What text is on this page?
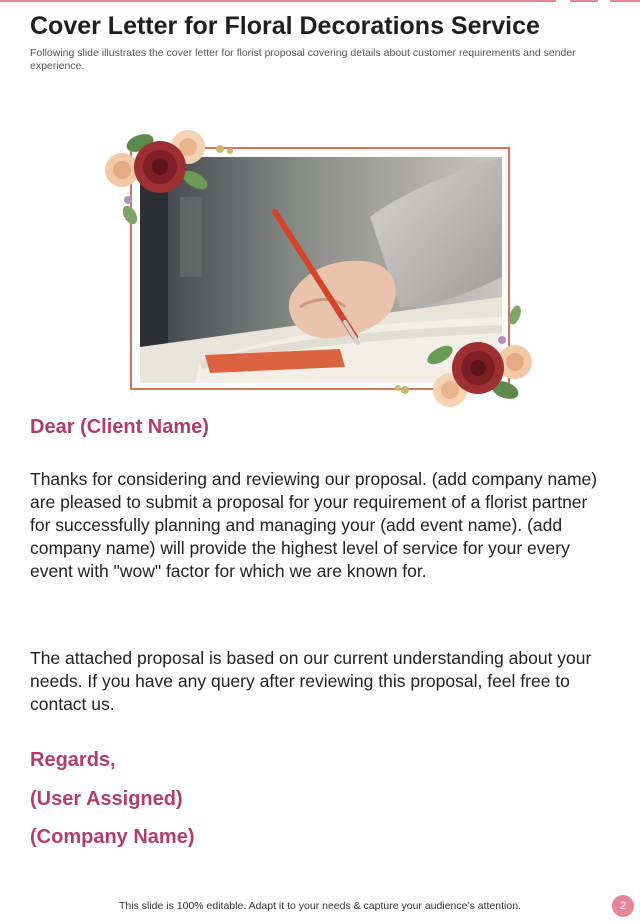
Cover Letter for Floral Decorations Service

Following slide illustrates the cover letter for florist proposal covering details about customer requirements and sender experience.

Dear (Client Name)

Thanks for considering and reviewing our proposal. (add company name) are pleased to submit a proposal for your requirement of a florist partner for successfully planning and managing your (add event name). (add company name) will provide the highest level of service for your every event with "wow" factor for which we are known for.

The attached proposal is based on our current understanding about your needs. If you have any query after reviewing this proposal, feel free to contact us.

Regards,

(User Assigned)

(Company Name)

This slide is 100% editable. Adapt it to your needs & capture your audience’s attention.	2
